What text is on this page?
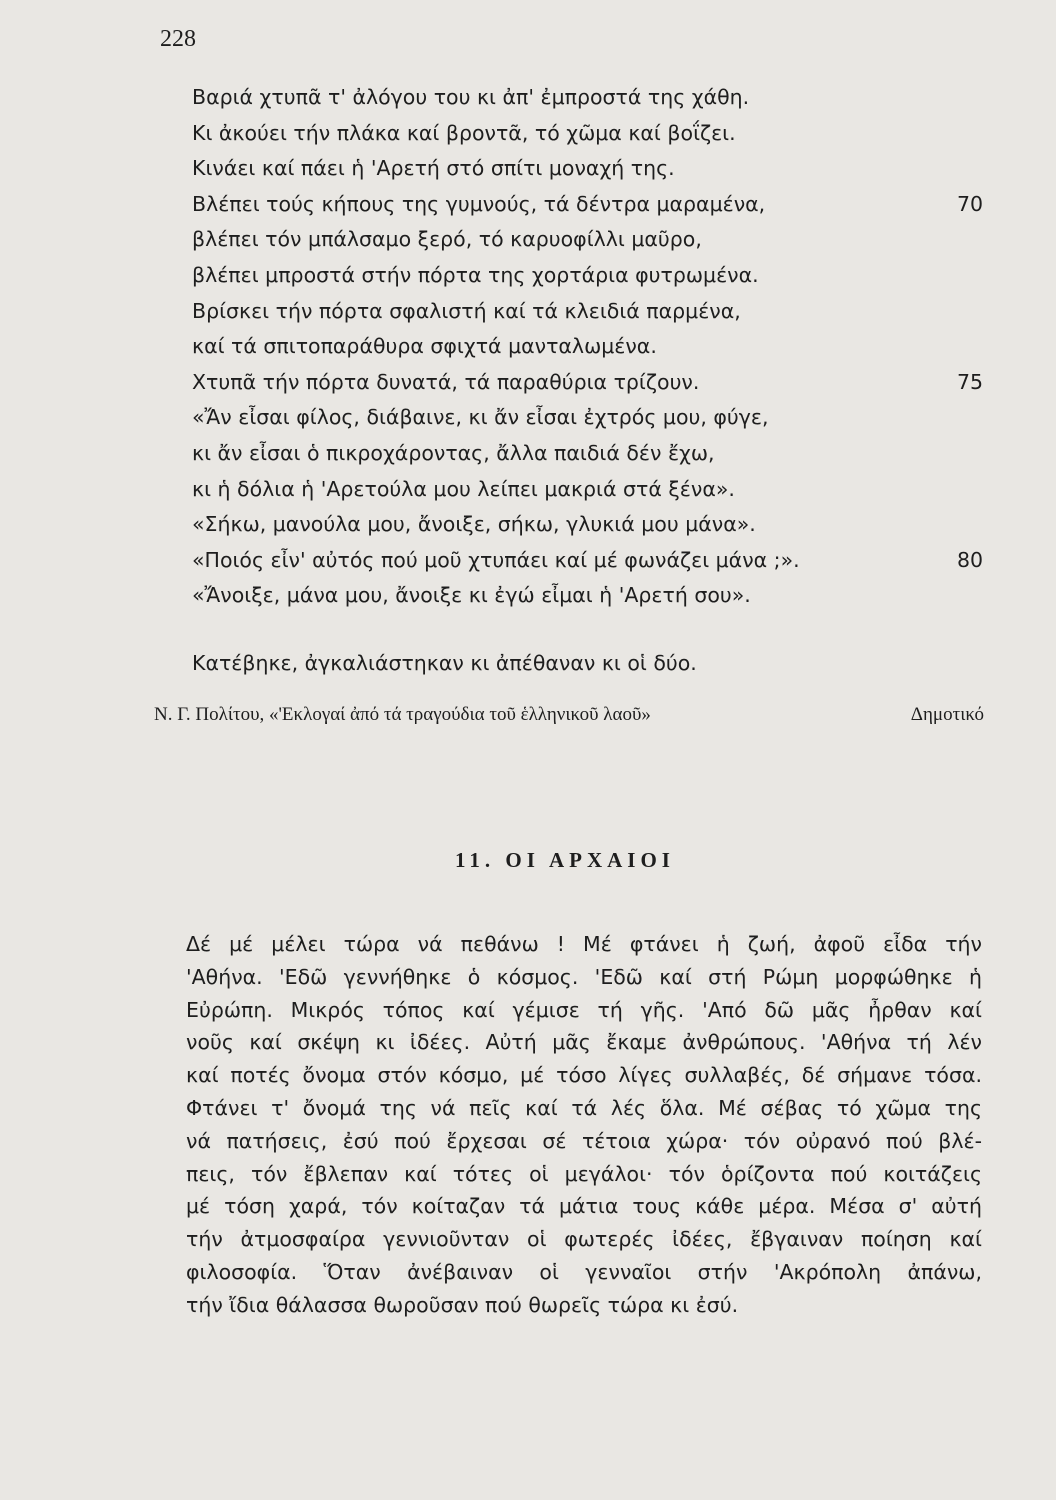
228
Βαριά χτυπᾶ τ' ἀλόγου του κι ἀπ' ἐμπροστά της χάθη.
Κι ἀκούει τήν πλάκα καί βροντᾶ, τό χῶμα καί βοΐζει.
Κινάει καί πάει ἡ 'Αρετή στό σπίτι μοναχή της.
Βλέπει τούς κήπους της γυμνούς, τά δέντρα μαραμένα,	70
βλέπει τόν μπάλσαμο ξερό, τό καρυοφίλλι μαῦρο,
βλέπει μπροστά στήν πόρτα της χορτάρια φυτρωμένα.
Βρίσκει τήν πόρτα σφαλιστή καί τά κλειδιά παρμένα,
καί τά σπιτοπαράθυρα σφιχτά μανταλωμένα.
Χτυπᾶ τήν πόρτα δυνατά, τά παραθύρια τρίζουν.	75
«Ἄν εἶσαι φίλος, διάβαινε, κι ἄν εἶσαι ἐχτρός μου, φύγε,
κι ἄν εἶσαι ὁ πικροχάροντας, ἄλλα παιδιά δέν ἔχω,
κι ἡ δόλια ἡ 'Αρετούλα μου λείπει μακριά στά ξένα».
«Σήκω, μανούλα μου, ἄνοιξε, σήκω, γλυκιά μου μάνα».
«Ποιός εἶν' αὐτός πού μοῦ χτυπάει καί μέ φωνάζει μάνα ;».	80
«Ἄνοιξε, μάνα μου, ἄνοιξε κι ἐγώ εἶμαι ἡ 'Αρετή σου».
Κατέβηκε, ἀγκαλιάστηκαν κι ἀπέθαναν κι οἱ δύο.
Ν. Γ. Πολίτου, «'Εκλογαί ἀπό τά τραγούδια τοῦ ἑλληνικοῦ λαοῦ»	Δημοτικό
11. ΟΙ ΑΡΧΑΙΟΙ
Δέ μέ μέλει τώρα νά πεθάνω ! Μέ φτάνει ἡ ζωή, ἀφοῦ εἶδα τήν
'Αθήνα. 'Εδῶ γεννήθηκε ὁ κόσμος. 'Εδῶ καί στή Ρώμη μορφώθηκε ἡ
Εὐρώπη. Μικρός τόπος καί γέμισε τή γῆς. 'Από δῶ μᾶς ἦρθαν καί
νοῦς καί σκέψη κι ἰδέες. Αὐτή μᾶς ἔκαμε ἀνθρώπους. 'Αθήνα τή λέν
καί ποτές ὄνομα στόν κόσμο, μέ τόσο λίγες συλλαβές, δέ σήμανε τόσα.
Φτάνει τ' ὄνομά της νά πεῖς καί τά λές ὅλα. Μέ σέβας τό χῶμα της
νά πατήσεις, ἐσύ πού ἔρχεσαι σέ τέτοια χώρα· τόν οὐρανό πού βλέ-
πεις, τόν ἔβλεπαν καί τότες οἱ μεγάλοι· τόν ὁρίζοντα πού κοιτάζεις
μέ τόση χαρά, τόν κοίταζαν τά μάτια τους κάθε μέρα. Μέσα σ' αὐτή
τήν ἀτμοσφαίρα γεννιοῦνταν οἱ φωτερές ἰδέες, ἔβγαιναν ποίηση καί
φιλοσοφία. Ὅταν ἀνέβαιναν οἱ γενναῖοι στήν 'Ακρόπολη ἀπάνω,
τήν ἴδια θάλασσα θωροῦσαν πού θωρεῖς τώρα κι ἐσύ.
